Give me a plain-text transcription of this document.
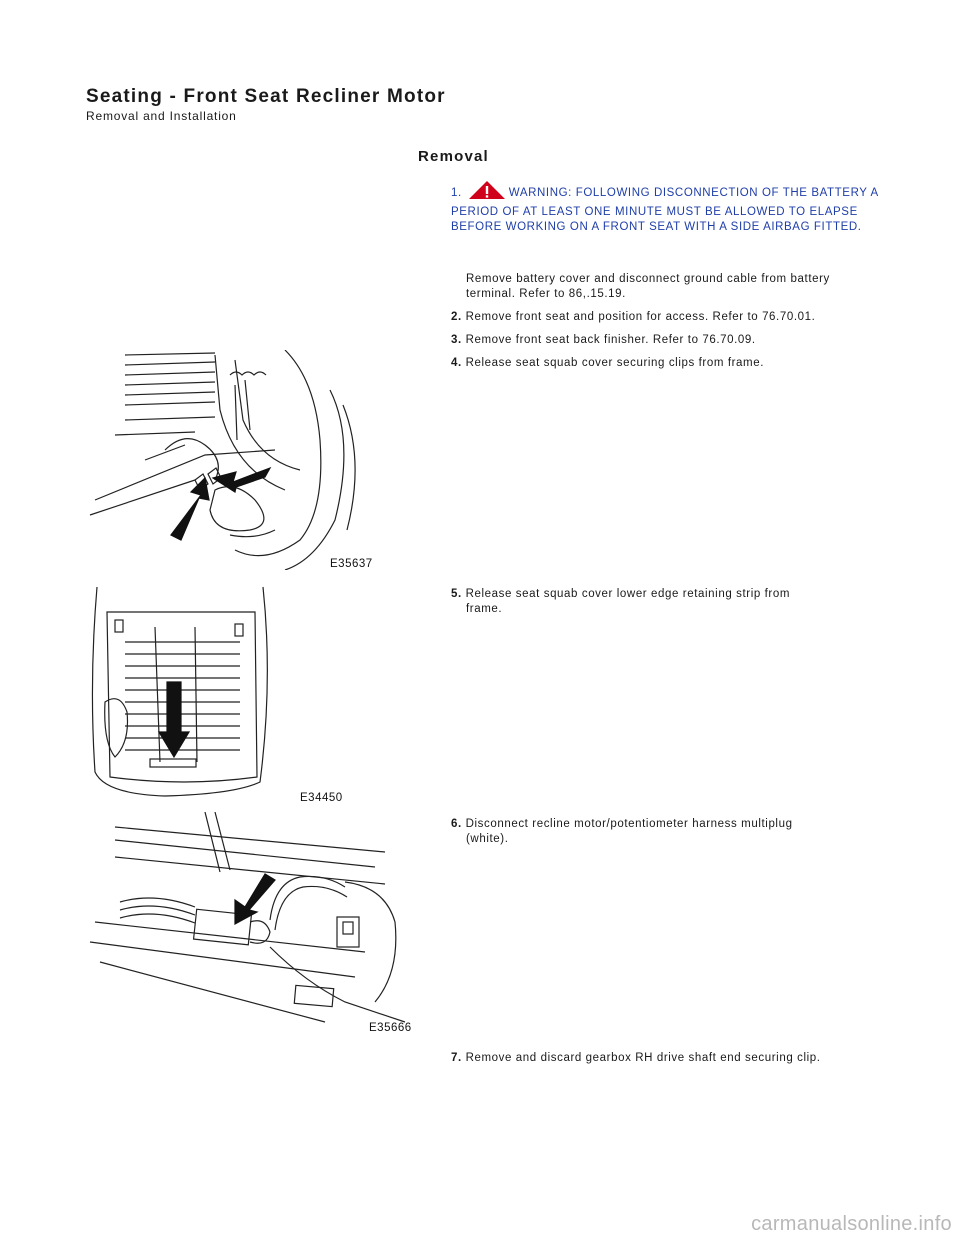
Seating - Front Seat Recliner Motor
Removal and Installation
Removal
1.	WARNING: FOLLOWING DISCONNECTION OF THE BATTERY A PERIOD OF AT LEAST ONE MINUTE MUST BE ALLOWED TO ELAPSE BEFORE WORKING ON A FRONT SEAT WITH A SIDE AIRBAG FITTED.
Remove battery cover and disconnect ground cable from battery terminal. Refer to 86,.15.19.
2. Remove front seat and position for access. Refer to 76.70.01.
3. Remove front seat back finisher. Refer to 76.70.09.
4. Release seat squab cover securing clips from frame.
5. Release seat squab cover lower edge retaining strip from
frame.
6. Disconnect recline motor/potentiometer harness multiplug
(white).
7. Remove and discard gearbox RH drive shaft end securing clip.
E35637
E34450
E35666
carmanualsonline.info
